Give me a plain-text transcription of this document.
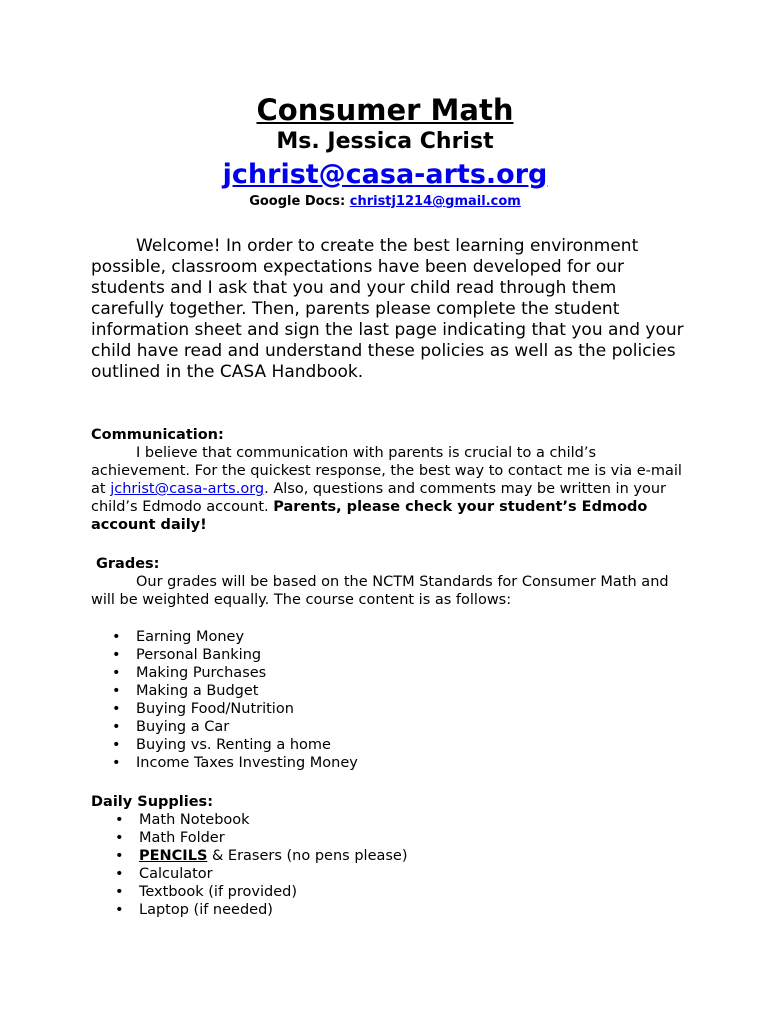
Consumer Math
Ms. Jessica Christ
jchrist@casa-arts.org
Google Docs: christj1214@gmail.com

Welcome! In order to create the best learning environment possible, classroom expectations have been developed for our students and I ask that you and your child read through them carefully together. Then, parents please complete the student information sheet and sign the last page indicating that you and your child have read and understand these policies as well as the policies outlined in the CASA Handbook.

Communication:

I believe that communication with parents is crucial to a child’s achievement. For the quickest response, the best way to contact me is via e-mail at jchrist@casa-arts.org. Also, questions and comments may be written in your child’s Edmodo account. Parents, please check your student’s Edmodo account daily!

Grades:

Our grades will be based on the NCTM Standards for Consumer Math and will be weighted equally. The course content is as follows:

• Earning Money
• Personal Banking
• Making Purchases
• Making a Budget
• Buying Food/Nutrition
• Buying a Car
• Buying vs. Renting a home
• Income Taxes Investing Money

Daily Supplies:

• Math Notebook
• Math Folder
• PENCILS & Erasers (no pens please)
• Calculator
• Textbook (if provided)
• Laptop (if needed)
